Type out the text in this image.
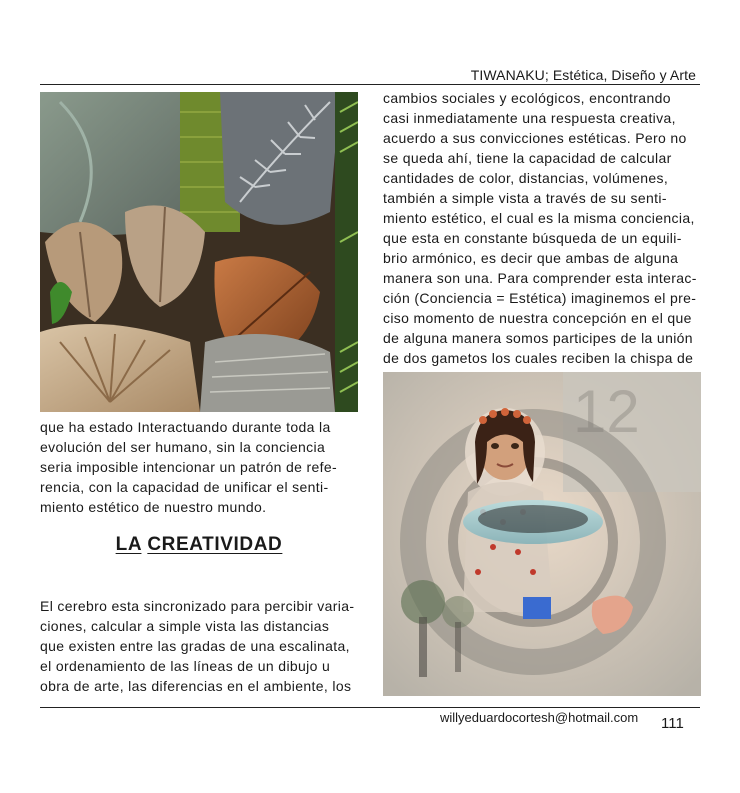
TIWANAKU; Estética, Diseño y Arte

cambios sociales y ecológicos, encontrando

casi inmediatamente una respuesta creativa,

acuerdo a sus convicciones estéticas. Pero no

se queda ahí, tiene la capacidad de calcular

cantidades de color, distancias, volúmenes,

también a simple vista a través de su senti-

miento estético, el cual es la misma conciencia,

que esta en constante búsqueda de un equili-

brio armónico, es decir que ambas de alguna

manera son una. Para comprender esta interac-

ción (Conciencia = Estética) imaginemos el pre-

ciso momento de nuestra concepción en el que

de alguna manera somos participes de la unión

de dos gametos los cuales reciben la chispa de

que ha estado Interactuando durante toda la

evolución del ser humano, sin la conciencia

seria imposible intencionar un patrón de refe-

rencia, con la capacidad de unificar el senti-

miento estético de nuestro mundo.

LA CREATIVIDAD

El cerebro esta sincronizado para percibir varia-

ciones, calcular a simple vista las distancias

que existen entre las gradas de una escalinata,

el ordenamiento de las líneas de un dibujo u

obra de arte, las diferencias en el ambiente, los

12
willyeduardocortesh@hotmail.com 111
